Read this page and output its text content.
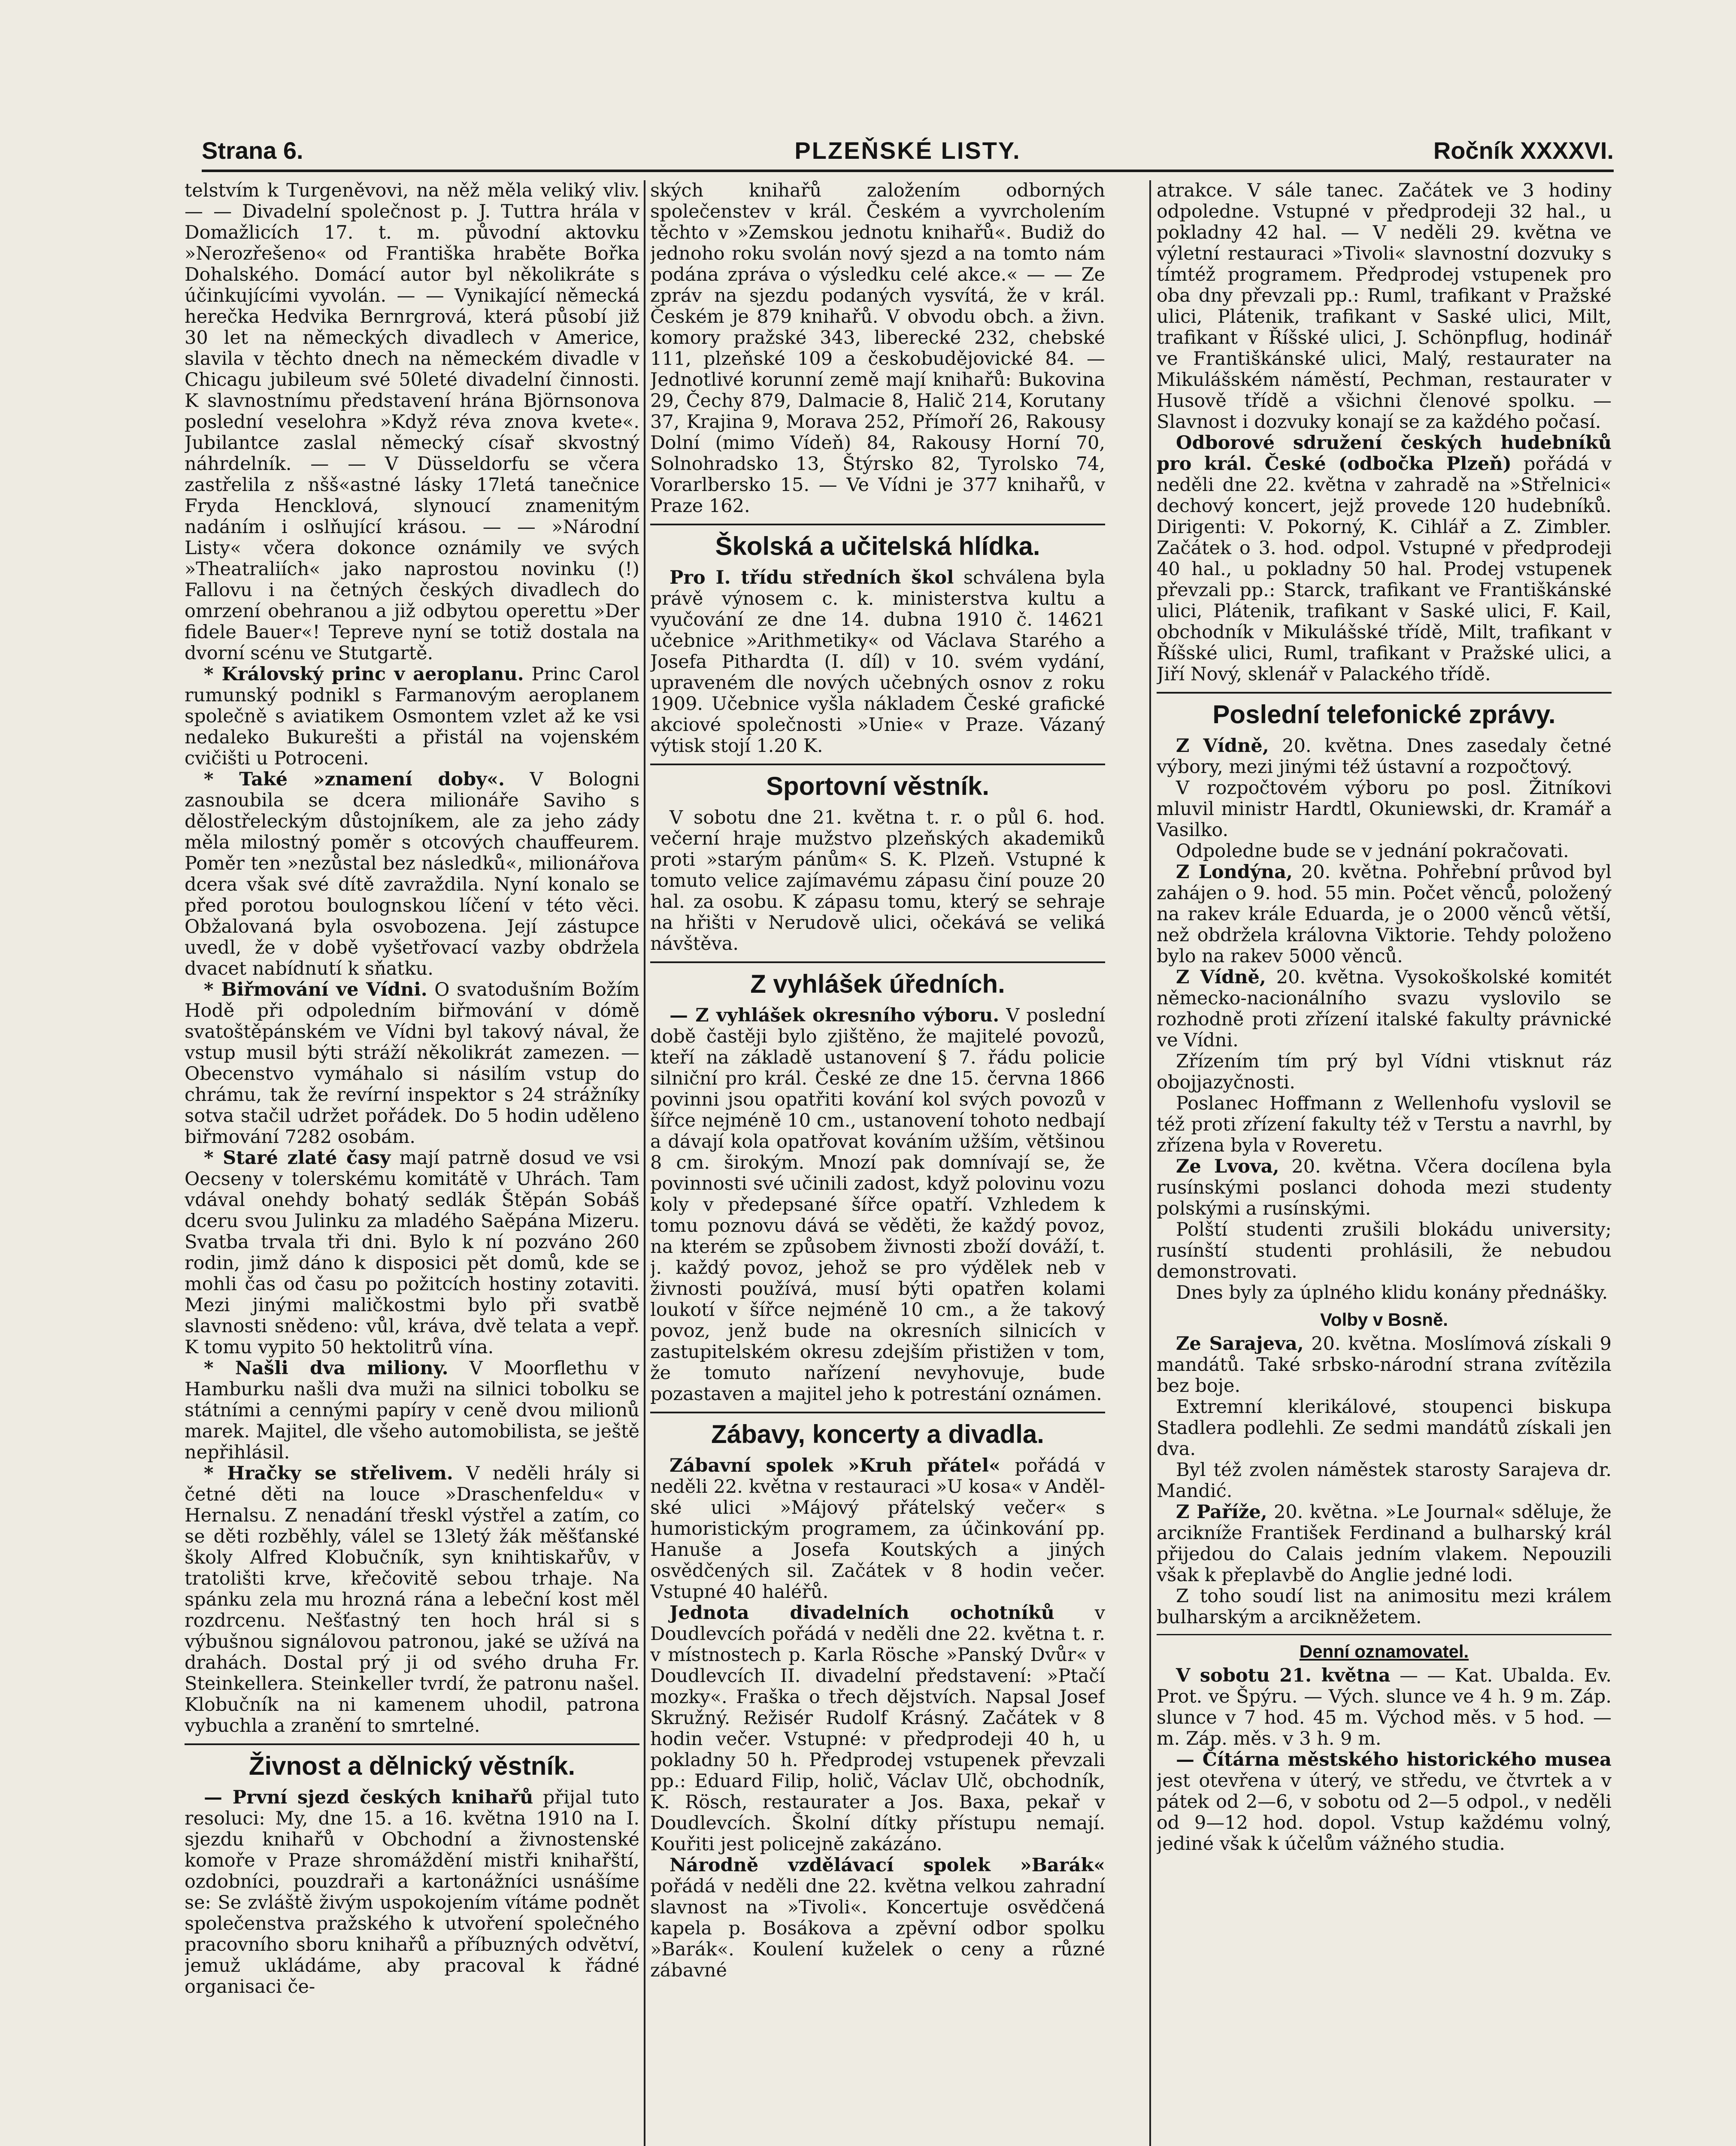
Strana 6.	PLZEŇSKÉ LISTY.	Ročník XXXXVI.

telstvím k Turgeněvovi, na něž měla veliký vliv. — — Divadelní společnost p. J. Tuttra hrála v Domažlicích 17. t. m. původní aktovku »Nerozřešeno« od Františka hraběte Bořka Dohalského. Domácí autor byl několikráte s účinkujícími vyvolán. — — Vynikající německá herečka Hedvika Bernrgrová, která působí již 30 let na německých divadlech v Americe, slavila v těchto dnech na německém divadle v Chicagu jubileum své 50leté divadelní činnosti. K slavnostnímu představení hrána Björnsonova poslední veselohra »Když réva znova kvete«. Jubilantce zaslal německý císař skvostný náhrdelník. — — V Düsseldorfu se včera zastřelila z nšš«astné lásky 17letá tanečnice Fryda Hencklová, slynoucí znamenitým nadáním i oslňující krásou. — — »Národní Listy« včera dokonce oznámily ve svých »Theatraliích« jako naprostou novinku (!) Fallovu i na četných českých divadlech do omrzení obehranou a již odbytou operettu »Der fidele Bauer«! Tepreve nyní se totiž dostala na dvorní scénu ve Stutgartě.

* Královský princ v aeroplanu. Princ Carol rumunský podnikl s Farmanovým aeroplanem společně s aviatikem Osmontem vzlet až ke vsi nedaleko Bukurešti a přistál na vojenském cvičišti u Potroceni.

* Také »znamení doby«. V Bologni zasnoubila se dcera milionáře Saviho s dělostřeleckým důstojníkem, ale za jeho zády měla milostný poměr s otcových chauffeurem. Poměr ten »nezůstal bez následků«, milionářova dcera však své dítě zavraždila. Nyní konalo se před porotou boulognskou líčení v této věci. Obžalovaná byla osvobozena. Její zástupce uvedl, že v době vyšetřovací vazby obdržela dvacet nabídnutí k sňatku.

* Biřmování ve Vídni. O svatodušním Božím Hodě při odpoledním biřmování v dómě svatoštěpánském ve Vídni byl takový nával, že vstup musil býti stráží několikrát zamezen. — Obecenstvo vymáhalo si násilím vstup do chrámu, tak že revírní inspektor s 24 strážníky sotva stačil udržet pořádek. Do 5 hodin uděleno biřmování 7282 osobám.

* Staré zlaté časy mají patrně dosud ve vsi Oecseny v tolerskému komitátě v Uhrách. Tam vdával onehdy bohatý sedlák Štěpán Sobáš dceru svou Julinku za mladého Saěpána Mizeru. Svatba trvala tři dni. Bylo k ní pozváno 260 rodin, jimž dáno k disposici pět domů, kde se mohli čas od času po požitcích hostiny zotaviti. Mezi jinými maličkostmi bylo při svatbě slavnosti snědeno: vůl, kráva, dvě telata a vepř. K tomu vypito 50 hektolitrů vína.

* Našli dva miliony. V Moorflethu v Hamburku našli dva muži na silnici tobolku se státními a cennými papíry v ceně dvou milionů marek. Majitel, dle všeho automobilista, se ještě nepřihlásil.

* Hračky se střelivem. V neděli hrály si četné děti na louce »Draschenfeldu« v Hernalsu. Z nenadání třeskl výstřel a zatím, co se děti rozběhly, válel se 13letý žák měšťanské školy Alfred Klobučník, syn knihtiskařův, v tratolišti krve, křečovitě sebou trhaje. Na spánku zela mu hrozná rána a lebeční kost měl rozdrcenu. Nešťastný ten hoch hrál si s výbušnou signálovou patronou, jaké se užívá na drahách. Dostal prý ji od svého druha Fr. Steinkellera. Steinkeller tvrdí, že patronu našel. Klobučník na ni kamenem uhodil, patrona vybuchla a zranění to smrtelné.

Živnost a dělnický věstník.

— První sjezd českých knihařů přijal tuto resoluci: My, dne 15. a 16. května 1910 na I. sjezdu knihařů v Obchodní a živnostenské komoře v Praze shromáždění mistři knihařští, ozdobníci, pouzdraři a kartonážníci usnášíme se: Se zvláště živým uspokojením vítáme podnět společenstva pražského k utvoření společného pracovního sboru knihařů a příbuzných odvětví, jemuž ukládáme, aby pracoval k řádné organisaci če-

ských knihařů založením odborných společenstev v král. Českém a vyvrcholením těchto v »Zemskou jednotu knihařů«. Budiž do jednoho roku svolán nový sjezd a na tomto nám podána zpráva o výsledku celé akce.« — — Ze zpráv na sjezdu podaných vysvítá, že v král. Českém je 879 knihařů. V obvodu obch. a živn. komory pražské 343, liberecké 232, chebské 111, plzeňské 109 a českobudějovické 84. — Jednotlivé korunní země mají knihařů: Bukovina 29, Čechy 879, Dalmacie 8, Halič 214, Korutany 37, Krajina 9, Morava 252, Přímoří 26, Rakousy Dolní (mimo Vídeň) 84, Rakousy Horní 70, Solnohradsko 13, Štýrsko 82, Tyrolsko 74, Vorarlbersko 15. — Ve Vídni je 377 knihařů, v Praze 162.

Školská a učitelská hlídka.

Pro I. třídu středních škol schválena byla právě výnosem c. k. ministerstva kultu a vyučování ze dne 14. dubna 1910 č. 14621 učebnice »Arithmetiky« od Václava Starého a Josefa Pithardta (I. díl) v 10. svém vydání, upraveném dle nových učebných osnov z roku 1909. Učebnice vyšla nákladem České grafické akciové společnosti »Unie« v Praze. Vázaný výtisk stojí 1.20 K.

Sportovní věstník.

V sobotu dne 21. května t. r. o půl 6. hod. večerní hraje mužstvo plzeňských akademiků proti »starým pánům« S. K. Plzeň. Vstupné k tomuto velice zajímavému zápasu činí pouze 20 hal. za osobu. K zápasu tomu, který se sehraje na hřišti v Nerudově ulici, očekává se veliká návštěva.

Z vyhlášek úředních.

— Z vyhlášek okresního výboru. V poslední době častěji bylo zjištěno, že majitelé povozů, kteří na základě ustanovení § 7. řádu policie silniční pro král. České ze dne 15. června 1866 povinni jsou opatřiti kování kol svých povozů v šířce nejméně 10 cm., ustanovení tohoto nedbají a dávají kola opatřovat kováním užším, většinou 8 cm. širokým. Mnozí pak domnívají se, že povinnosti své učinili zadost, když polovinu vozu koly v předepsané šířce opatří. Vzhledem k tomu poznovu dává se věděti, že každý povoz, na kterém se způsobem živnosti zboží dováží, t. j. každý povoz, jehož se pro výdělek neb v živnosti používá, musí býti opatřen kolami loukotí v šířce nejméně 10 cm., a že takový povoz, jenž bude na okresních silnicích v zastupitelském okresu zdejším přistižen v tom, že tomuto nařízení nevyhovuje, bude pozastaven a majitel jeho k potrestání oznámen.

Zábavy, koncerty a divadla.

Zábavní spolek »Kruh přátel« pořádá v neděli 22. května v restauraci »U kosa« v Andělské ulici »Májový přátelský večer« s humoristickým programem, za účinkování pp. Hanuše a Josefa Koutských a jiných osvědčených sil. Začátek v 8 hodin večer. Vstupné 40 haléřů.

Jednota divadelních ochotníků v Doudlevcích pořádá v neděli dne 22. května t. r. v místnostech p. Karla Rösche »Panský Dvůr« v Doudlevcích II. divadelní představení: »Ptačí mozky«. Fraška o třech dějstvích. Napsal Josef Skružný. Režisér Rudolf Krásný. Začátek v 8 hodin večer. Vstupné: v předprodeji 40 h, u pokladny 50 h. Předprodej vstupenek převzali pp.: Eduard Filip, holič, Václav Ulč, obchodník, K. Rösch, restaurater a Jos. Baxa, pekař v Doudlevcích. Školní dítky přístupu nemají. Kouřiti jest policejně zakázáno.

Národně vzdělávací spolek »Barák« pořádá v neděli dne 22. května velkou zahradní slavnost na »Tivoli«. Koncertuje osvědčená kapela p. Bosákova a zpěvní odbor spolku »Barák«. Koulení kuželek o ceny a různé zábavné

atrakce. V sále tanec. Začátek ve 3 hodiny odpoledne. Vstupné v předprodeji 32 hal., u pokladny 42 hal. — V neděli 29. května ve výletní restauraci »Tivoli« slavnostní dozvuky s tímtéž programem. Předprodej vstupenek pro oba dny převzali pp.: Ruml, trafikant v Pražské ulici, Plátenik, trafikant v Saské ulici, Milt, trafikant v Říšské ulici, J. Schönpflug, hodinář ve Františkánské ulici, Malý, restaurater na Mikulášském náměstí, Pechman, restaurater v Husově třídě a všichni členové spolku. — Slavnost i dozvuky konají se za každého počasí.

Odborové sdružení českých hudebníků pro král. České (odbočka Plzeň) pořádá v neděli dne 22. května v zahradě na »Střelnici« dechový koncert, jejž provede 120 hudebníků. Dirigenti: V. Pokorný, K. Cihlář a Z. Zimbler. Začátek o 3. hod. odpol. Vstupné v předprodeji 40 hal., u pokladny 50 hal. Prodej vstupenek převzali pp.: Starck, trafikant ve Františkánské ulici, Plátenik, trafikant v Saské ulici, F. Kail, obchodník v Mikulášské třídě, Milt, trafikant v Říšské ulici, Ruml, trafikant v Pražské ulici, a Jiří Nový, sklenář v Palackého třídě.

Poslední telefonické zprávy.

Z Vídně, 20. května. Dnes zasedaly četné výbory, mezi jinými též ústavní a rozpočtový.

V rozpočtovém výboru po posl. Žitníkovi mluvil ministr Hardtl, Okuniewski, dr. Kramář a Vasilko.

Odpoledne bude se v jednání pokračovati.

Z Londýna, 20. května. Pohřební průvod byl zahájen o 9. hod. 55 min. Počet věnců, položený na rakev krále Eduarda, je o 2000 věnců větší, než obdržela královna Viktorie. Tehdy položeno bylo na rakev 5000 věnců.

Z Vídně, 20. května. Vysokoškolské komitét německo-nacionálního svazu vyslovilo se rozhodně proti zřízení italské fakulty právnické ve Vídni.

Zřízením tím prý byl Vídni vtisknut ráz obojjazyčnosti.

Poslanec Hoffmann z Wellenhofu vyslovil se též proti zřízení fakulty též v Terstu a navrhl, by zřízena byla v Roveretu.

Ze Lvova, 20. května. Včera docílena byla rusínskými poslanci dohoda mezi studenty polskými a rusínskými.

Polští studenti zrušili blokádu university; rusínští studenti prohlásili, že nebudou demonstrovati.

Dnes byly za úplného klidu konány přednášky.

Volby v Bosně.

Ze Sarajeva, 20. května. Moslímová získali 9 mandátů. Také srbsko-národní strana zvítězila bez boje.

Extremní klerikálové, stoupenci biskupa Stadlera podlehli. Ze sedmi mandátů získali jen dva.

Byl též zvolen náměstek starosty Sarajeva dr. Mandić.

Z Paříže, 20. května. »Le Journal« sděluje, že arcikníže František Ferdinand a bulharský král přijedou do Calais jedním vlakem. Nepouzili však k přeplavbě do Anglie jedné lodi.

Z toho soudí list na animositu mezi králem bulharským a arcikněžetem.

Denní oznamovatel.

V sobotu 21. května — — Kat. Ubalda. Ev. Prot. ve Špýru. — Vých. slunce ve 4 h. 9 m. Záp. slunce v 7 hod. 45 m. Východ měs. v 5 hod. — m. Záp. měs. v 3 h. 9 m.

— Čítárna městského historického musea jest otevřena v úterý, ve středu, ve čtvrtek a v pátek od 2—6, v sobotu od 2—5 odpol., v neděli od 9—12 hod. dopol. Vstup každému volný, jediné však k účelům vážného studia.
